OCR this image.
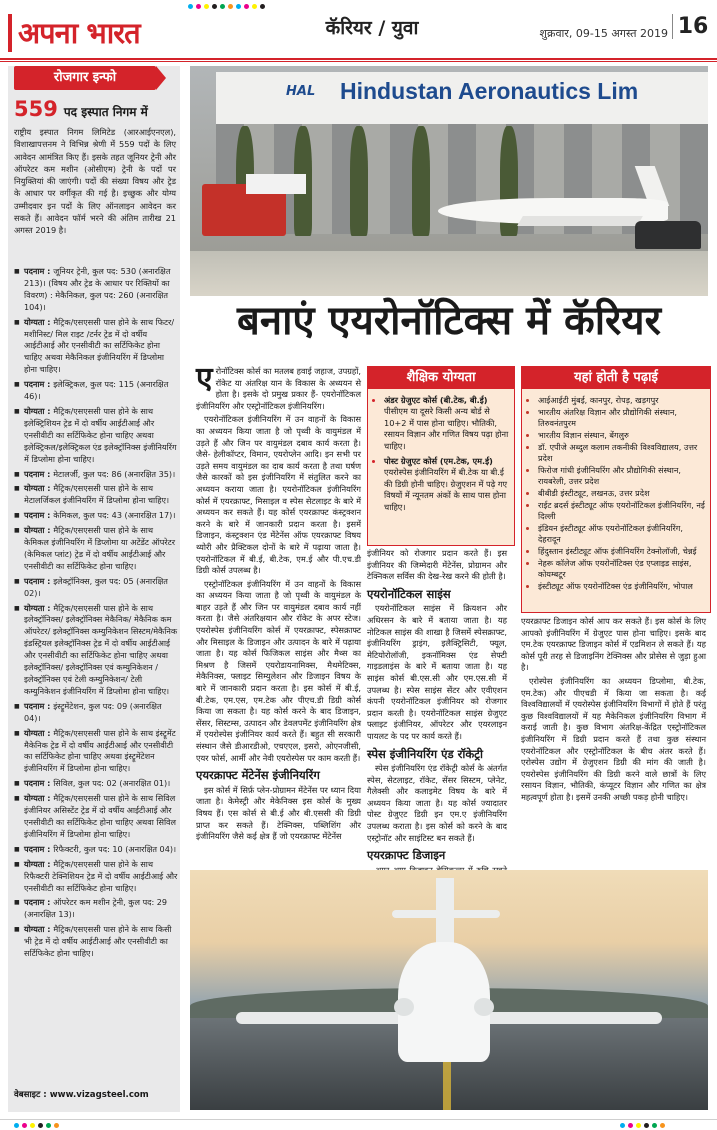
अपना भारत	कॅरियर / युवा	शुक्रवार, 09-15 अगस्त 2019 16
रोजगार इन्फो
559 पद इस्पात निगम में
राष्ट्रीय इस्पात निगम लिमिटेड (आरआईएनएल), विशाखापत्तनम ने विभिन्न श्रेणी में 559 पदों के लिए आवेदन आमंत्रित किए हैं। इसके तहत जूनियर ट्रेनी और ऑपरेटर कम मशीन (ओसीएम) ट्रेनी के पदों पर नियुक्तियां की जाएंगी। पदों की संख्या विषय और ट्रेड के आधार पर वर्गीकृत की गई है। इच्छुक और योग्य उम्मीदवार इन पदों के लिए ऑनलाइन आवेदन कर सकते हैं। आवेदन फॉर्म भरने की अंतिम तारीख 21 अगस्त 2019 है।
■ पदनाम : जूनियर ट्रेनी, कुल पद: 530 (अनारक्षित 213)। (विषय और ट्रेड के आधार पर रिक्तियों का विवरण) : मेकैनिकल, कुल पद: 260 (अनारक्षित 104)।
■ योग्यता : मैट्रिक/एसएससी पास होने के साथ फिटर/ मशीनिस्ट/ मिल राइट /टर्नर ट्रेड में दो वर्षीय आईटीआई और एनसीवीटी का सर्टिफिकेट होना चाहिए अथवा मेकैनिकल इंजीनियरिंग में डिप्लोमा होना चाहिए।
■ पदनाम : इलेक्ट्रिकल, कुल पद: 115 (अनारक्षित 46)।
■ योग्यता : मैट्रिक/एसएससी पास होने के साथ इलेक्ट्रिशियन ट्रेड में दो वर्षीय आईटीआई और एनसीवीटी का सर्टिफिकेट होना चाहिए अथवा इलेक्ट्रिकल/इलेक्ट्रिकल एंड इलेक्ट्रॉनिक्स इंजीनियरिंग में डिप्लोमा होना चाहिए।
■ पदनाम : मेटालर्जी, कुल पद: 86 (अनारक्षित 35)।
■ योग्यता : मैट्रिक/एसएससी पास होने के साथ मेटालर्जिकल इंजीनियरिंग में डिप्लोमा होना चाहिए।
■ पदनाम : केमिकल, कुल पद: 43 (अनारक्षित 17)।
■ योग्यता : मैट्रिक/एसएससी पास होने के साथ केमिकल इंजीनियरिंग में डिप्लोमा या अटेंडेंट ऑपरेटर (केमिकल प्लांट) ट्रेड में दो वर्षीय आईटीआई और एनसीवीटी का सर्टिफिकेट होना चाहिए।
■ पदनाम : इलेक्ट्रॉनिक्स, कुल पद: 05 (अनारक्षित 02)।
■ योग्यता : मैट्रिक/एसएससी पास होने के साथ इलेक्ट्रॉनिक्स/ इलेक्ट्रॉनिक्स मेकैनिक/ मेकैनिक कम ऑपरेटर/ इलेक्ट्रॉनिक्स कम्युनिकेशन सिस्टम/मेकैनिक इंडस्ट्रियल इलेक्ट्रॉनिक्स ट्रेड में दो वर्षीय आईटीआई और एनसीवीटी का सर्टिफिकेट होना चाहिए अथवा इलेक्ट्रॉनिक्स/ इलेक्ट्रॉनिक्स एवं कम्युनिकेशन / इलेक्ट्रॉनिक्स एवं टेली कम्युनिकेशन/ टेली कम्युनिकेशन इंजीनियरिंग में डिप्लोमा होना चाहिए।
■ पदनाम : इंस्ट्रूमेंटेशन, कुल पद: 09 (अनारक्षित 04)।
■ योग्यता : मैट्रिक/एसएससी पास होने के साथ इंस्ट्रूमेंट मैकेनिक ट्रेड में दो वर्षीय आईटीआई और एनसीवीटी का सर्टिफिकेट होना चाहिए अथवा इंस्ट्रूमेंटेशन इंजीनियरिंग में डिप्लोमा होना चाहिए।
■ पदनाम : सिविल, कुल पद: 02 (अनारक्षित 01)।
■ योग्यता : मैट्रिक/एसएससी पास होने के साथ सिविल इंजीनियर असिस्टेंट ट्रेड में दो वर्षीय आईटीआई और एनसीवीटी का सर्टिफिकेट होना चाहिए अथवा सिविल इंजीनियरिंग में डिप्लोमा होना चाहिए।
■ पदनाम : रिफैक्टरी, कुल पद: 10 (अनारक्षित 04)।
■ योग्यता : मैट्रिक/एसएससी पास होने के साथ रिफैक्टरी टेक्निशियन ट्रेड में दो वर्षीय आईटीआई और एनसीवीटी का सर्टिफिकेट होना चाहिए।
■ पदनाम : ऑपरेटर कम मशीन ट्रेनी, कुल पद: 29 (अनारक्षित 13)।
■ योग्यता : मैट्रिक/एसएससी पास होने के साथ किसी भी ट्रेड में दो वर्षीय आईटीआई और एनसीवीटी का सर्टिफिकेट होना चाहिए।
वेबसाइट : www.vizagsteel.com
HAL Hindustan Aeronautics Lim
बनाएं एयरोनॉटिक्स में कॅरियर

एरोनॉटिक्स कोर्स का मतलब हवाई जहाज, उपग्रहों, रॉकेट या अंतरिक्ष यान के विकास के अध्ययन से होता है। इसके दो प्रमुख प्रकार हैं- एयरोनॉटिकल इंजीनियरिंग और एस्ट्रोनॉटिकल इंजीनियरिंग।

एयरोनॉटिकल इंजीनियरिंग में उन वाहनों के विकास का अध्ययन किया जाता है जो पृथ्वी के वायुमंडल में उड़ते हैं और जिन पर वायुमंडल दबाव कार्य करता है। जैसे- हेलीकॉप्टर, विमान, एयरोप्लेन आदि। इन सभी पर उड़ते समय वायुमंडल का दाब कार्य करता है तथा घर्षण जैसे कारकों को इस इंजीनियरिंग में संतुलित करने का अध्ययन कराया जाता है। एयरोनॉटिकल इंजीनियरिंग कोर्स में एयरक्राफ्ट, मिसाइल व स्पेस सेटलाइट के बारे में अध्ययन कर सकते हैं। यह कोर्स एयरक्राफ्ट कंस्ट्रक्शन करने के बारे में जानकारी प्रदान करता है। इसमें डिजाइन, कंस्ट्रक्शन एंड मेंटेनेंस ऑफ एयरक्राफ्ट विषय थ्योरी और प्रैक्टिकल दोनों के बारे में पढ़ाया जाता है। एयरोनॉटिकल में बी.ई, बी.टेक, एम.ई और पी.एच.डी डिग्री कोर्स उपलब्ध है।

एस्ट्रोनॉटिकल इंजीनियरिंग में उन वाहनों के विकास का अध्ययन किया जाता है जो पृथ्वी के वायुमंडल के बाहर उड़ते हैं और जिन पर वायुमंडल दबाव कार्य नहीं करता है। जैसे अंतरिक्षयान और रॉकेट के अपर स्टेज। एयरोस्पेस इंजीनियरिंग कोर्स में एयरक्राफ्ट, स्पेसक्राफ्ट और मिसाइल के डिजाइन और उत्पादन के बारे में पढ़ाया जाता है। यह कोर्स फिजिकल साइंस और मैथ्स का मिश्रण है जिसमें एयरोडायनामिक्स, मैथमेटिक्स, मेकैनिक्स, फ्लाइट सिम्युलेशन और डिजाइन विषय के बारे में जानकारी प्रदान करता है। इस कोर्स में बी.ई, बी.टेक, एम.एस, एम.टेक और पीएच.डी डिग्री कोर्स किया जा सकता है। यह कोर्स करने के बाद डिजाइन, सेंसर, सिस्टम्स, उत्पादन और डेवलपमेंट इंजीनियरिंग क्षेत्र में एयरोस्पेस इंजीनियर कार्य करते हैं। बहुत सी सरकारी संस्थान जैसे डीआरडीओ, एचएएल, इसरो, ओएनजीसी, एयर फोर्स, आर्मी और नेवी एयरोस्पेस पर काम करती हैं।

एयरक्राफ्ट मेंटेनेंस इंजीनियरिंग

इस कोर्स में सिर्फ़ प्लेन-प्रोग्रामन मेंटेनेंस पर ध्यान दिया जाता है। केमेस्ट्री और मेकेनिक्स इस कोर्स के मुख्य विषय हैं। एस कोर्स से बी.ई और बी.एससी की डिग्री प्राप्त कर सकते हैं। टेक्निक्स, पब्लिशिंग और इंजीनियरिंग जैसे कई क्षेत्र हैं जो एयरक्राफ्ट मेंटेनेंस

शैक्षिक योग्यता
• अंडर ग्रेजुएट कोर्स (बी.टेक, बी.ई)
पीसीएम या दूसरे किसी अन्य बोर्ड से 10+2 में पास होना चाहिए। भौतिकी, रसायन विज्ञान और गणित विषय पढ़ा होना चाहिए।
• पोस्ट ग्रेजुएट कोर्स (एम.टेक, एम.ई)
एयरोस्पेस इंजीनियरिंग में बी.टेक या बी.ई की डिग्री होनी चाहिए। ग्रेजुएशन में पढ़े गए विषयों में न्यूनतम अंकों के साथ पास होना चाहिए।

इंजीनियर को रोजगार प्रदान करते हैं। इस इंजीनियर की जिम्मेदारी मेंटेनेंस, प्रोग्रामन और टेक्निकल सर्विस की देख-रेख करने की होती है।

एयरोनॉटिकल साइंस

एयरोनॉटिकल साइंस में क्रियशन और अधिरसन के बारे में बताया जाता है। यह नोटिकल साइंस की शाखा है जिसमें स्पेसक्राफ्ट, इंजीनियरिंग ड्राइंग, इलैक्ट्रिसिटी, फ्यूल, मेटियोरोलॉजी, इकनॉमिक्स एंड सेफ्टी गाइडलाइंस के बारे में बताया जाता है। यह साइंस कोर्स बी.एस.सी और एम.एस.सी में उपलब्ध है। स्पेस साइंस सेंटर और एवीएशन कंपनी एयरोनॉटिकल इंजीनियर को रोजगार प्रदान करती है। एयरोनॉटिकल साइंस ग्रेजुएट फ्लाइट इंजीनियर, ऑपरेटर और एयरलाइन पायलट के पद पर कार्य करते हैं।

स्पेस इंजीनियरिंग एंड रॉकेट्री

स्पेस इंजीनियरिंग एंड रॉकेट्री कोर्स के अंतर्गत स्पेस, सेटलाइट, रॉकेट, सेंसर सिस्टम, प्लेनेट, गैलेक्सी और कलाइमेट विषय के बारे में अध्ययन किया जाता है। यह कोर्स ज्यादातर पोस्ट ग्रेजुएट डिग्री इन एम.ए इंजीनियरिंग उपलब्ध कराता है। इस कोर्स को करने के बाद एस्ट्रोनॉट और साइंटिस्ट बन सकते हैं।

एयरक्राफ्ट डिजाइन

यहां होती है पढ़ाई
• आईआईटी मुंबई, कानपुर, रोपड़, खड़गपुर
• भारतीय अंतरिक्ष विज्ञान और प्रौद्योगिकी संस्थान, तिरुवनंतपुरम
• भारतीय विज्ञान संस्थान, बेंगलुरु
• डॉ. एपीजे अब्दुल कलाम तकनीकी विश्वविद्यालय, उत्तर प्रदेश
• फिरोज गांधी इंजीनियरिंग और प्रौद्योगिकी संस्थान, रायबरेली, उत्तर प्रदेश
• बीबीडी इंस्टीट्यूट, लखनऊ, उत्तर प्रदेश
• राईट ब्रदर्स इंस्टीट्यूट ऑफ एयरोनॉटिकल इंजीनियरिंग, नई दिल्ली
• इंडियन इंस्टीट्यूट ऑफ एयरोनॉटिकल इंजीनियरिंग, देहरादून
• हिंदुस्तान इंस्टीट्यूट ऑफ इंजीनियरिंग टेक्नोलॉजी, चेन्नई
• नेहरू कॉलेज ऑफ एयरोनॉटिक्स एंड एप्लाइड साइंस, कोयम्बटूर
• इंस्टीट्यूट ऑफ एयरोनॉटिक्स एंड इंजीनियरिंग, भोपाल

एयरक्राफ्ट डिजाइन कोर्स आप कर सकते हैं। इस कोर्स के लिए आपको इंजीनियरिंग में ग्रेजुएट पास होना चाहिए। इसके बाद एम.टेक एयरक्राफ्ट डिजाइन कोर्स में एडमिशन ले सकते हैं। यह कोर्स पूरी तरह से डिजाइनिंग टेक्निक्स और प्रोसेस से जुड़ा हुआ है।

एरोस्पेस इंजीनियरिंग का अध्ययन डिप्लोमा, बी.टेक, एम.टेक) और पीएचडी में किया जा सकता है। कई विश्वविद्यालयों में एयरोस्पेस इंजीनियरिंग विभागों में होते हैं परंतु कुछ विश्वविद्यालयों में यह मैकेनिकल इंजीनियरिंग विभाग में कराई जाती है। कुछ विभाग अंतरिक्ष-केंद्रित एस्ट्रोनॉटिकल इंजीनियरिंग में डिग्री प्रदान करते हैं तथा कुछ संस्थान एयरोनॉटिकल और एस्ट्रोनॉटिकल के बीच अंतर करते हैं। एरोस्पेस उद्योग में ग्रेजुएशन डिग्री की मांग की जाती है। एयरोस्पेस इंजीनियरिंग की डिग्री करने वाले छात्रों के लिए रसायन विज्ञान, भौतिकी, कंप्यूटर विज्ञान और गणित का क्षेत्र महत्वपूर्ण होता है। इसमें उनकी अच्छी पकड़ होनी चाहिए।
